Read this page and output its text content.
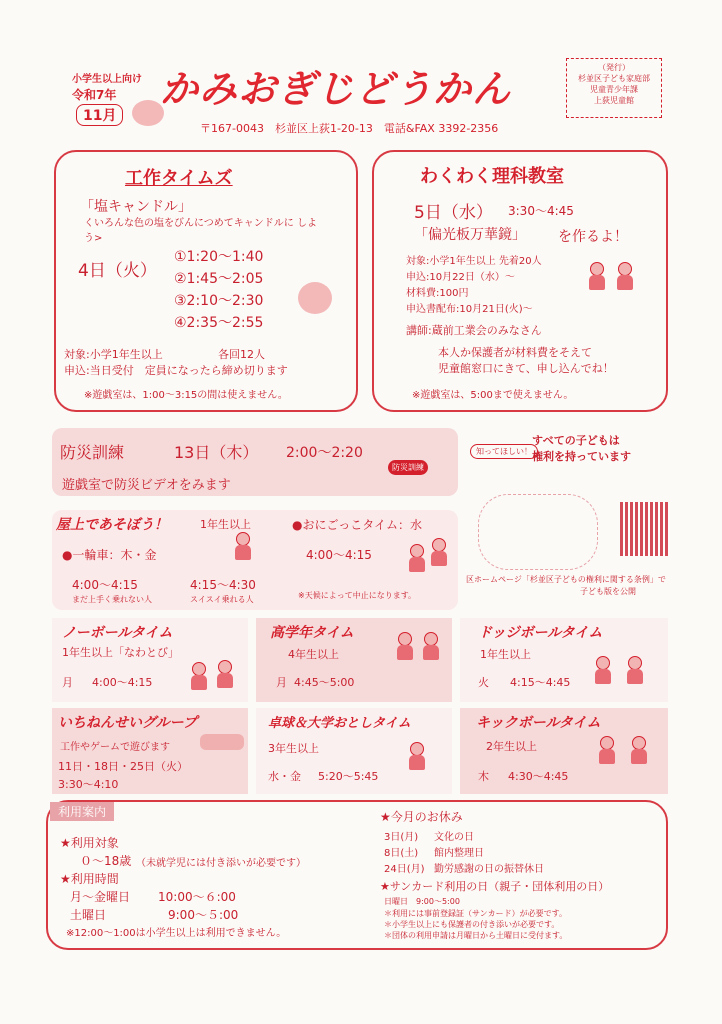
小学生以上向け
令和7年
11月
かみおぎじどうかん
〒167-0043　杉並区上荻1-20-13　電話&FAX 3392-2356
（発行）
杉並区子ども家庭部
児童青少年課
上荻児童館
工作タイムズ
「塩キャンドル」
くいろんな色の塩をびんにつめてキャンドルに しよう>
4日（火）
①1:20〜1:40
②1:45〜2:05
③2:10〜2:30
④2:35〜2:55
対象:小学1年生以上	各回12人
申込:当日受付　定員になったら締め切ります
※遊戯室は、1:00〜3:15の間は使えません。
わくわく理科教室
5日（水） 3:30〜4:45
「偏光板万華鏡」 を作るよ！
対象:小学1年生以上 先着20人
申込:10月22日（水）〜
材料費:100円
申込書配布:10月21日(火)〜
講師:蔵前工業会のみなさん
本人か保護者が材料費をそえて
児童館窓口にきて、申し込んでね！
※遊戯室は、5:00まで使えません。
防災訓練	13日（木） 2:00〜2:20
遊戯室で防災ビデオをみます
防災訓練
すべての子どもは
権利を持っています
知ってほしい！
区ホームページ「杉並区子どもの権利に関する条例」で
子ども版を公開
屋上であそぼう！	1年生以上
●一輪車：木・金
4:00〜4:15
まだ上手く乗れない人
4:15〜4:30
スイスイ乗れる人
●おにごっこタイム：水
4:00〜4:15
※天候によって中止になります。
ノーボールタイム
1年生以上「なわとび」
月 4:00〜4:15
高学年タイム
4年生以上
月 4:45〜5:00
ドッジボールタイム
1年生以上
火 4:15〜4:45
いちねんせいグループ
工作やゲームで遊びます
11日・18日・25日（火）
3:30〜4:10
卓球＆大学おとしタイム
3年生以上
水・金 5:20〜5:45
キックボールタイム
2年生以上
木 4:30〜4:45
利用案内
★利用対象
０〜18歳 （未就学児には付き添いが必要です）
★利用時間
月〜金曜日 10:00〜６:00
土曜日	9:00〜５:00
※12:00〜1:00は小学生以上は利用できません。
★今月のお休み
3日(月) 文化の日
8日(土) 館内整理日
24日(月) 勤労感謝の日の振替休日
★サンカード利用の日（親子・団体利用の日）
日曜日　9:00〜5:00
＊利用には事前登録証（サンカード）が必要です。
＊小学生以上にも保護者の付き添いが必要です。
＊団体の利用申請は月曜日から土曜日に受付ます。
